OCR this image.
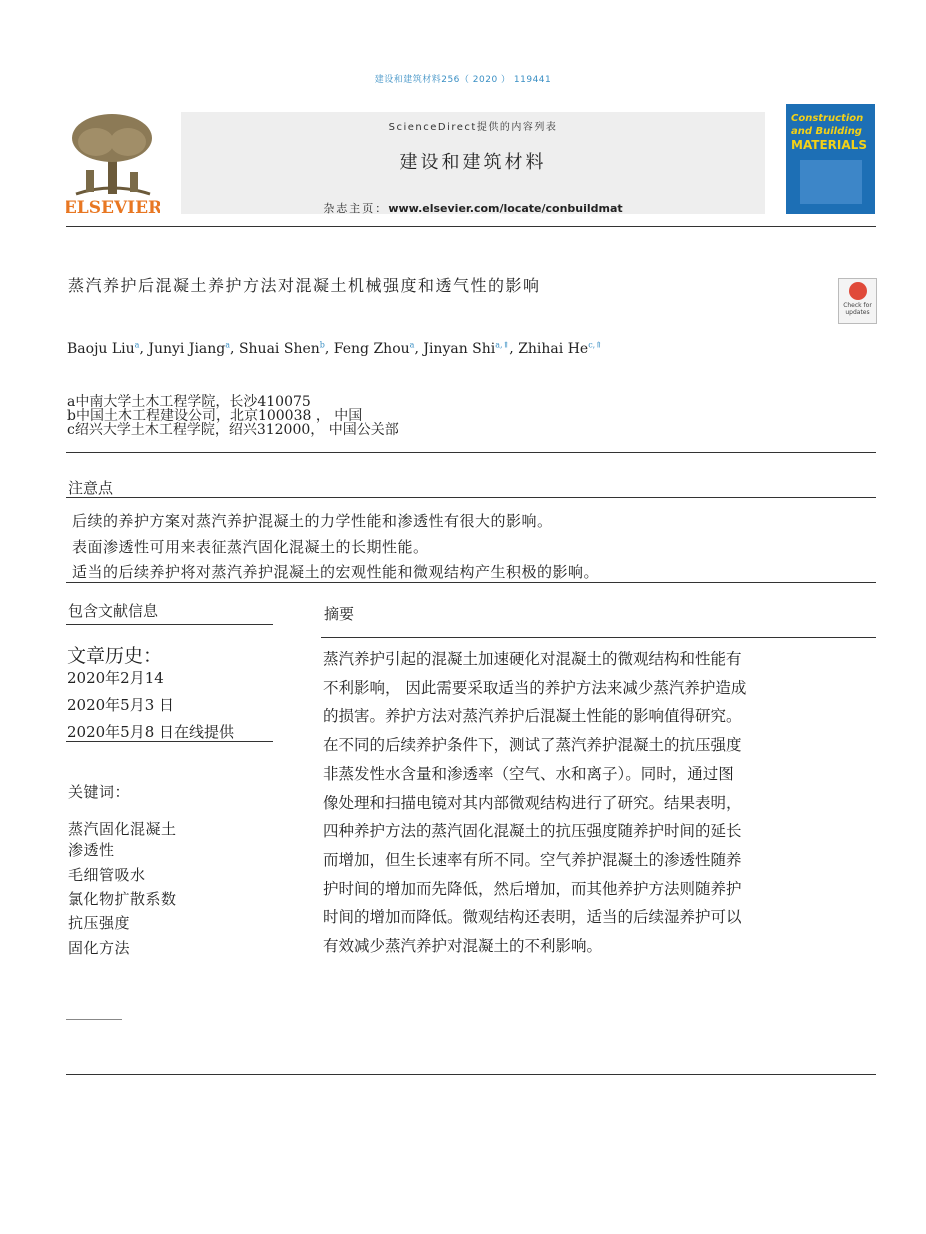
建设和建筑材料256（ 2020 ） 119441
ELSEVIER
ScienceDirect提供的内容列表
建设和建筑材料
杂志主页：www.elsevier.com/locate/conbuildmat
Construction
and Building
MATERIALS
蒸汽养护后混凝土养护方法对混凝土机械强度和透气性的影响
Check for
updates
Baoju Liu$^a$, Junyi Jiang$^a$, Shuai Shen$^b$, Feng Zhou$^a$, Jinyan Shi$^{a,⇑}$, Zhihai $He^{c,⇑}$
a中南大学土木工程学院，长沙410075
b中国土木工程建设公司，北京100038 ， 中国
c绍兴大学土木工程学院，绍兴312000， 中国公关部
注意点
后续的养护方案对蒸汽养护混凝土的力学性能和渗透性有很大的影响。
表面渗透性可用来表征蒸汽固化混凝土的长期性能。
适当的后续养护将对蒸汽养护混凝土的宏观性能和微观结构产生积极的影响。
包含文献信息
文章历史：
2020年2月14
2020年5月3 日
2020年5月8 日在线提供
关键词：
蒸汽固化混凝土
渗透性
毛细管吸水
氯化物扩散系数
抗压强度
固化方法
摘要
蒸汽养护引起的混凝土加速硬化对混凝土的微观结构和性能有
不利影响， 因此需要采取适当的养护方法来减少蒸汽养护造成
的损害。养护方法对蒸汽养护后混凝土性能的影响值得研究。
在不同的后续养护条件下，测试了蒸汽养护混凝土的抗压强度
非蒸发性水含量和渗透率（空气、水和离子）。同时，通过图
像处理和扫描电镜对其内部微观结构进行了研究。结果表明，
四种养护方法的蒸汽固化混凝土的抗压强度随养护时间的延长
而增加，但生长速率有所不同。空气养护混凝土的渗透性随养
护时间的增加而先降低，然后增加，而其他养护方法则随养护
时间的增加而降低。微观结构还表明，适当的后续湿养护可以
有效减少蒸汽养护对混凝土的不利影响。
